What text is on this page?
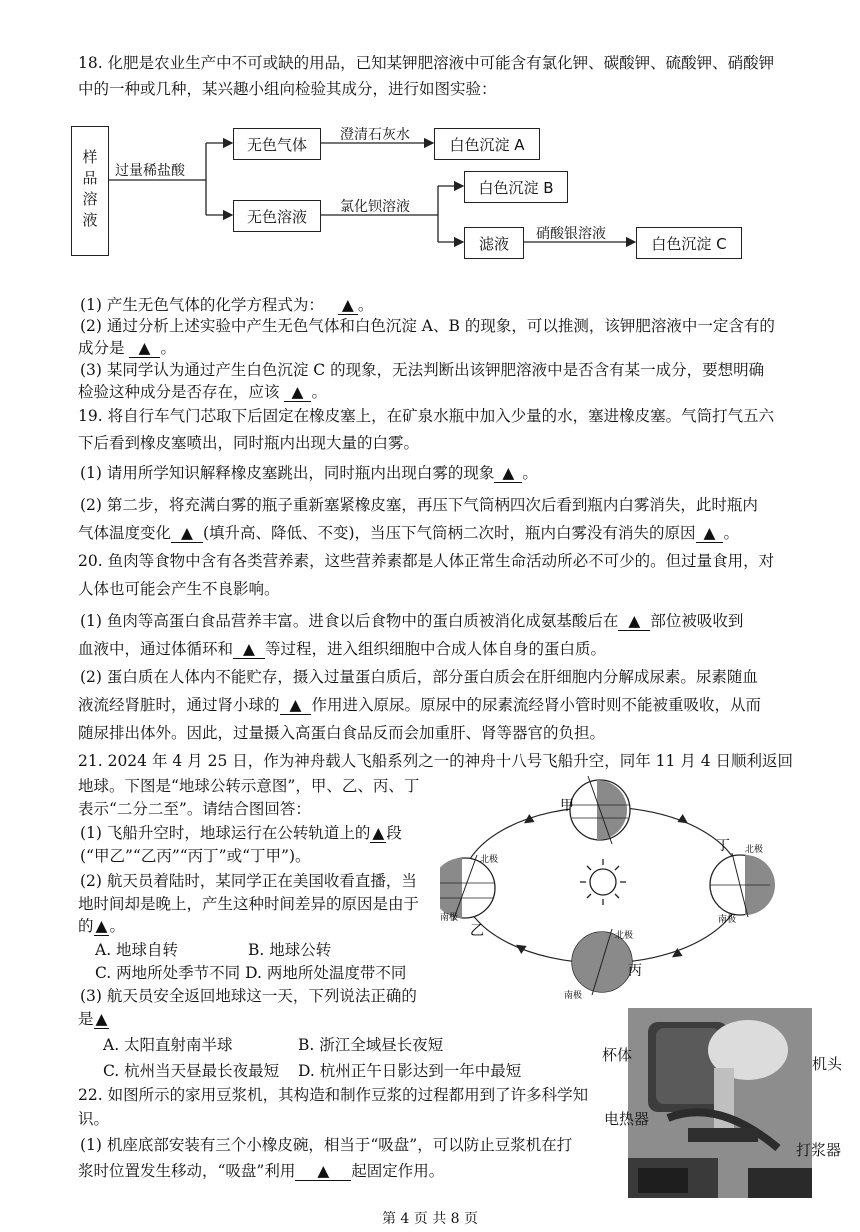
18. 化肥是农业生产中不可或缺的用品，已知某钾肥溶液中可能含有氯化钾、碳酸钾、硫酸钾、硝酸钾
中的一种或几种，某兴趣小组向检验其成分，进行如图实验：
样品溶液	过量稀盐酸
无色气体
澄清石灰水
白色沉淀 A
无色溶液
氯化钡溶液
白色沉淀 B
滤液
硝酸银溶液
白色沉淀 C
(1) 产生无色气体的化学方程式为： ▲ 。
(2) 通过分析上述实验中产生无色气体和白色沉淀 A、B 的现象，可以推测，该钾肥溶液中一定含有的
成分是 ▲ 。
(3) 某同学认为通过产生白色沉淀 C 的现象，无法判断出该钾肥溶液中是否含有某一成分，要想明确
检验这种成分是否存在，应该 ▲ 。
19. 将自行车气门芯取下后固定在橡皮塞上，在矿泉水瓶中加入少量的水，塞进橡皮塞。气筒打气五六
下后看到橡皮塞喷出，同时瓶内出现大量的白雾。
(1) 请用所学知识解释橡皮塞跳出，同时瓶内出现白雾的现象 ▲ 。
(2) 第二步，将充满白雾的瓶子重新塞紧橡皮塞，再压下气筒柄四次后看到瓶内白雾消失，此时瓶内
气体温度变化 ▲ (填升高、降低、不变)，当压下气筒柄二次时，瓶内白雾没有消失的原因 ▲ 。
20. 鱼肉等食物中含有各类营养素，这些营养素都是人体正常生命活动所必不可少的。但过量食用，对
人体也可能会产生不良影响。
(1) 鱼肉等高蛋白食品营养丰富。进食以后食物中的蛋白质被消化成氨基酸后在 ▲ 部位被吸收到
血液中，通过体循环和 ▲ 等过程，进入组织细胞中合成人体自身的蛋白质。
(2) 蛋白质在人体内不能贮存，摄入过量蛋白质后，部分蛋白质会在肝细胞内分解成尿素。尿素随血
液流经肾脏时，通过肾小球的 ▲ 作用进入原尿。原尿中的尿素流经肾小管时则不能被重吸收，从而
随尿排出体外。因此，过量摄入高蛋白食品反而会加重肝、肾等器官的负担。
21. 2024 年 4 月 25 日，作为神舟载人飞船系列之一的神舟十八号飞船升空，同年 11 月 4 日顺利返回
地球。下图是“地球公转示意图”，甲、乙、丙、丁
表示“二分二至”。请结合图回答：
(1) 飞船升空时，地球运行在公转轨道上的 ▲ 段
(“甲乙”“乙丙”“丙丁”或“丁甲”)。
(2) 航天员着陆时，某同学正在美国收看直播，当
地时间却是晚上，产生这种时间差异的原因是由于
的 ▲ 。
A. 地球自转	B. 地球公转
C. 两地所处季节不同 D. 两地所处温度带不同
(3) 航天员安全返回地球这一天，下列说法正确的
是 ▲
A. 太阳直射南半球	B. 浙江全域昼长夜短
C. 杭州当天昼最长夜最短 D. 杭州正午日影达到一年中最短
甲
乙
丙
丁
北极
南极
北极
南极
北极
南极
22. 如图所示的家用豆浆机，其构造和制作豆浆的过程都用到了许多科学知
识。
(1) 机座底部安装有三个小橡皮碗，相当于“吸盘”，可以防止豆浆机在打
浆时位置发生移动，“吸盘”利用 ▲ 起固定作用。
杯体	机头
电热器
打浆器
第 4 页 共 8 页
